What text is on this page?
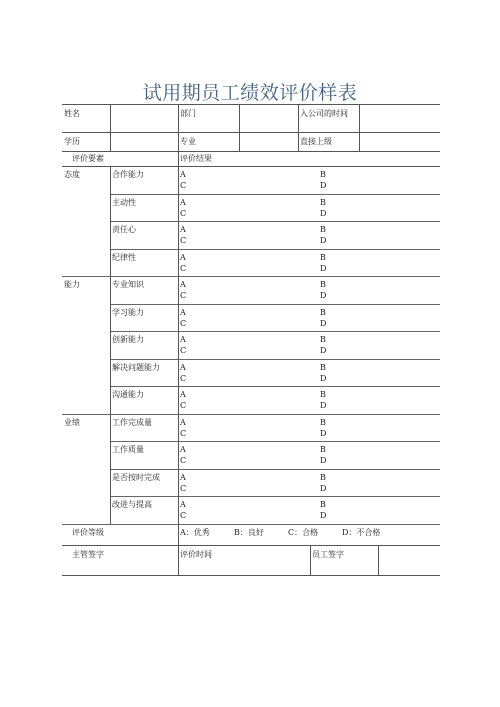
试用期员工绩效评价样表
姓名	部门	入公司的时间
学历	专业	直接上级
评价要素	评价结果
态度	合作能力	A	B
C	D
主动性	A	B
C	D
责任心	A	B
C	D
纪律性	A	B
C	D
能力	专业知识	A	B
C	D
学习能力	A	B
C	D
创新能力	A	B
C	D
解决问题能力	A	B
C	D
沟通能力	A	B
C	D
业绩	工作完成量	A	B
C	D
工作质量	A	B
C	D
是否按时完成	A	B
C	D
改进与提高	A	B
C	D
评价等级	A：优秀	B：良好	C：合格	D：不合格
主管签字	评价时间	员工签字
